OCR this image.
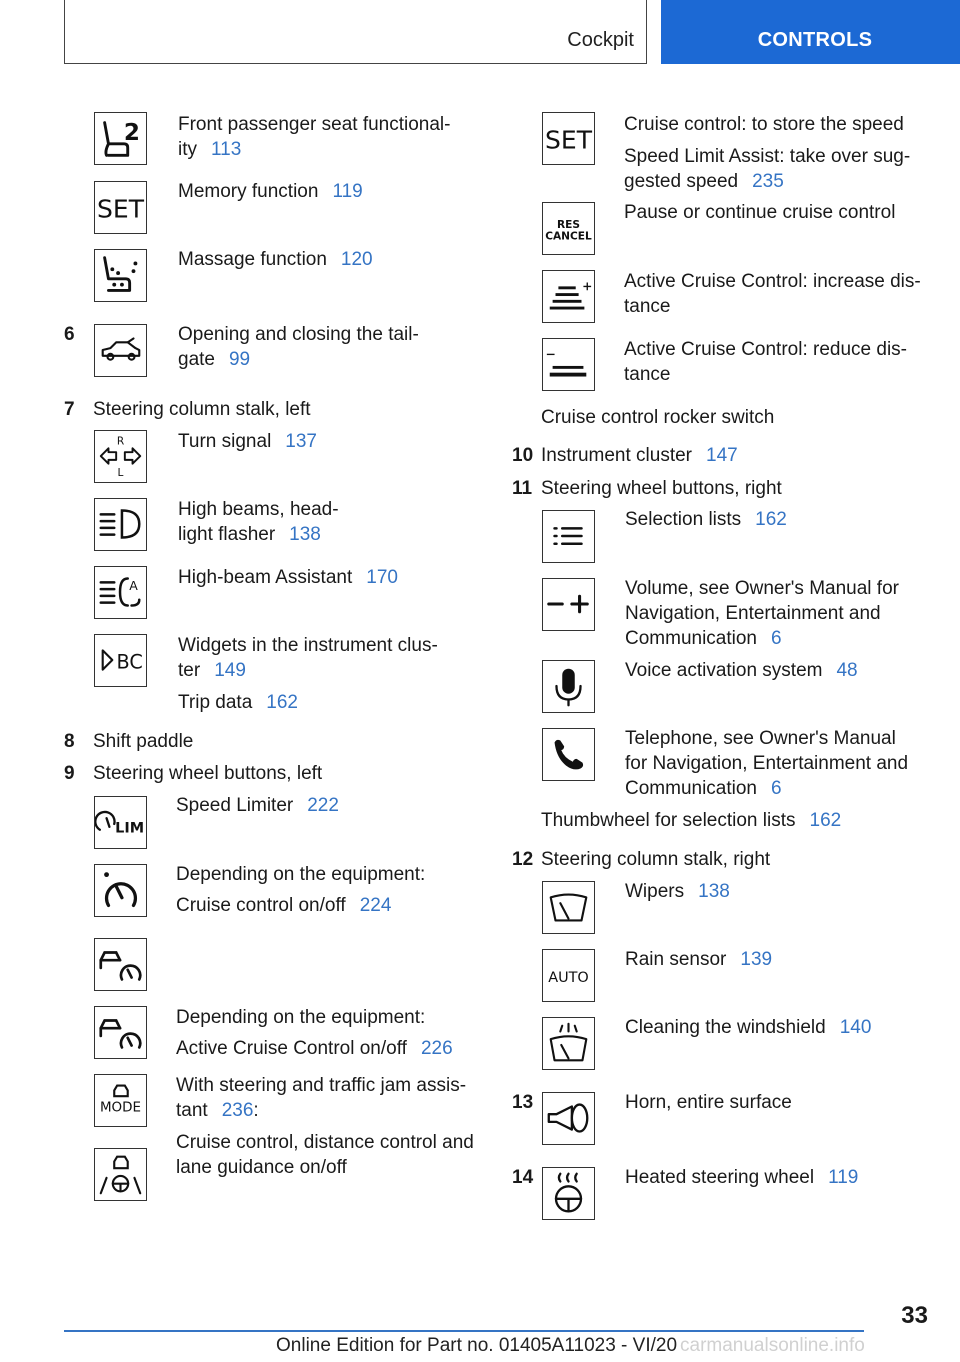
Cockpit	CONTROLS
2 Front passenger seat functional-
ity 113
SET
Memory function 119
Massage function 120
6	Opening and closing the tail-
gate 99
7 Steering column stalk, left
R
L
Turn signal 137
High beams, head-
light flasher 138
A High-beam Assistant 170
BC
Widgets in the instrument clus-
ter 149
Trip data 162
8 Shift paddle
9 Steering wheel buttons, left
LIM
Speed Limiter 222
Depending on the equipment:
Cruise control on/off 224
Depending on the equipment:
Active Cruise Control on/off 226
MODE
With steering and traffic jam assis-
tant 236:
Cruise control, distance control and
lane guidance on/off
SET
Cruise control: to store the speed
Speed Limit Assist: take over sug-
gested speed 235
RES
CANCEL
Pause or continue cruise control
Active Cruise Control: increase dis-
tance
Active Cruise Control: reduce dis-
tance
Cruise control rocker switch
10 Instrument cluster 147
11 Steering wheel buttons, right
Selection lists 162
Volume, see Owner's Manual for
Navigation, Entertainment and
Communication 6
Voice activation system 48
Telephone, see Owner's Manual
for Navigation, Entertainment and
Communication 6
Thumbwheel for selection lists 162
12 Steering column stalk, right
Wipers 138
AUTO
Rain sensor 139
Cleaning the windshield 140
13	Horn, entire surface
14	Heated steering wheel 119
33
Online Edition for Part no. 01405A11023 - VI/20 carmanualsonline.info
